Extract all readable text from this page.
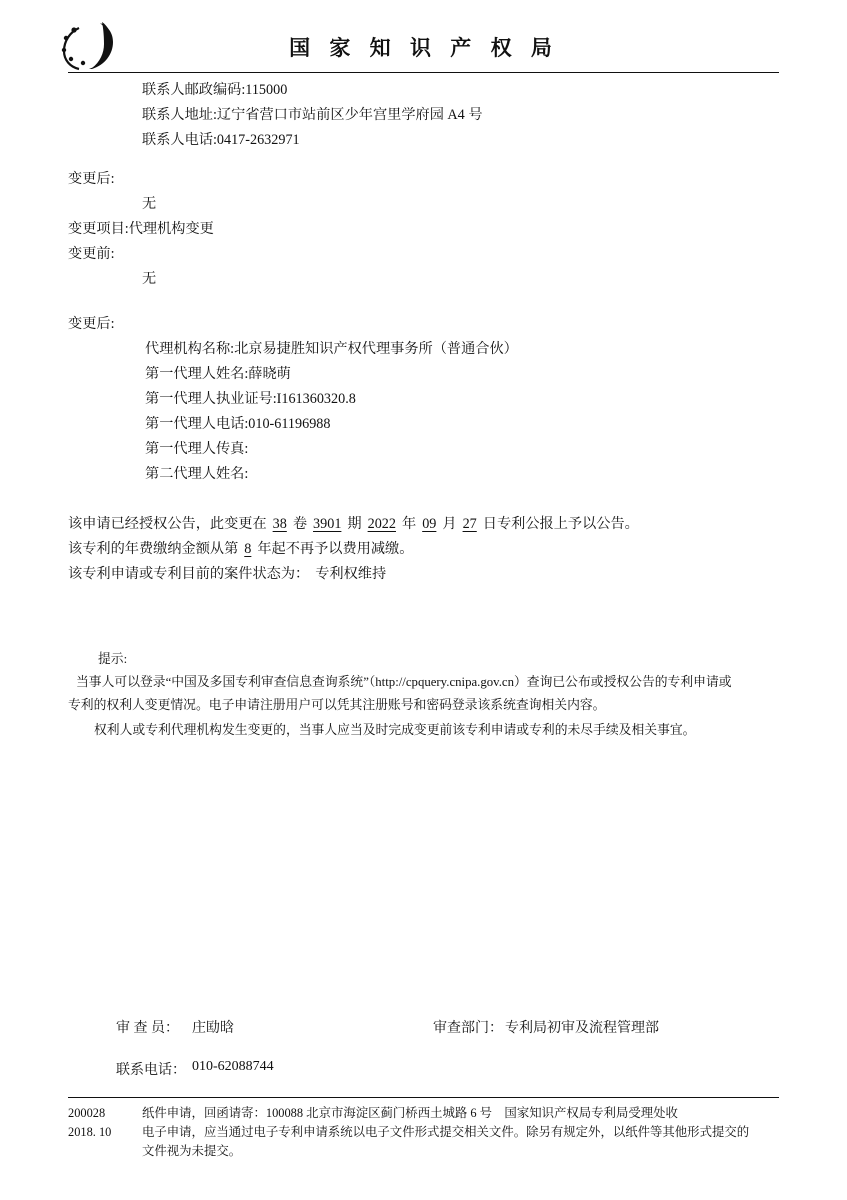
国 家 知 识 产 权 局
联系人邮政编码:115000
联系人地址:辽宁省营口市站前区少年宫里学府园 A4 号
联系人电话:0417-2632971
变更后:
无
变更项目:代理机构变更
变更前:
无
变更后:
代理机构名称:北京易捷胜知识产权代理事务所（普通合伙）
第一代理人姓名:薛晓萌
第一代理人执业证号:I161360320.8
第一代理人电话:010-61196988
第一代理人传真:
第二代理人姓名:
该申请已经授权公告，此变更在 38 卷 3901 期 2022 年 09 月 27 日专利公报上予以公告。
该专利的年费缴纳金额从第 8 年起不再予以费用减缴。
该专利申请或专利目前的案件状态为： 专利权维持
提示:
当事人可以登录“中国及多国专利审查信息查询系统”（http://cpquery.cnipa.gov.cn）查询已公布或授权公告的专利申请或
专利的权利人变更情况。电子申请注册用户可以凭其注册账号和密码登录该系统查询相关内容。
权利人或专利代理机构发生变更的，当事人应当及时完成变更前该专利申请或专利的未尽手续及相关事宜。
审 查 员： 庄劻晗	审查部门： 专利局初审及流程管理部
联系电话： 010-62088744
200028
2018. 10
纸件申请，回函请寄：100088 北京市海淀区蓟门桥西土城路 6 号　国家知识产权局专利局受理处收
电子申请，应当通过电子专利申请系统以电子文件形式提交相关文件。除另有规定外，以纸件等其他形式提交的
文件视为未提交。
